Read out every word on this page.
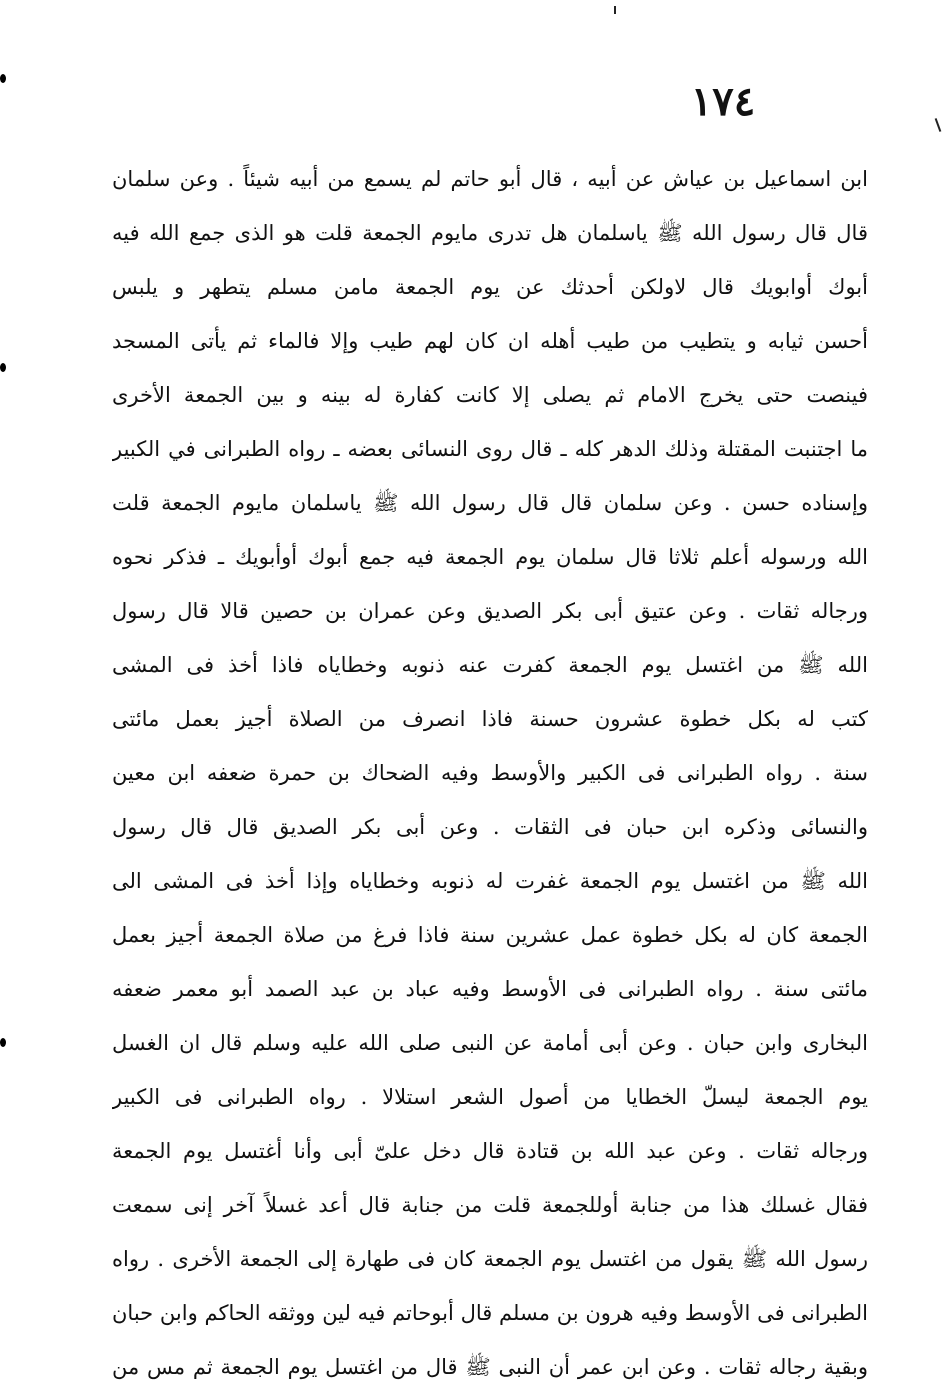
١٧٤
ابن اسماعيل بن عياش عن أبيه ، قال أبو حاتم لم يسمع من أبيه شيئاً . وعن سلمان
قال قال رسول الله ﷺ ياسلمان هل تدرى مايوم الجمعة قلت هو الذى جمع الله فيه
أبوك أوابويك قال لاولكن أحدثك عن يوم الجمعة مامن مسلم يتطهر و يلبس
أحسن ثيابه و يتطيب من طيب أهله ان كان لهم طيب وإلا فالماء ثم يأتى المسجد
فينصت حتى يخرج الامام ثم يصلى إلا كانت كفارة له بينه و بين الجمعة الأخرى
ما اجتنبت المقتلة وذلك الدهر كله ـ قال روى النسائى بعضه ـ رواه الطبرانى في الكبير
وإسناده حسن . وعن سلمان قال قال رسول الله ﷺ ياسلمان مايوم الجمعة قلت
الله ورسوله أعلم ثلاثا قال سلمان يوم الجمعة فيه جمع أبوك أوأبويك ـ فذكر نحوه
ورجاله ثقات . وعن عتيق أبى بكر الصديق وعن عمران بن حصين قالا قال رسول
الله ﷺ من اغتسل يوم الجمعة كفرت عنه ذنوبه وخطاياه فاذا أخذ فى المشى
كتب له بكل خطوة عشرون حسنة فاذا انصرف من الصلاة أجيز بعمل مائتى
سنة . رواه الطبرانى فى الكبير والأوسط وفيه الضحاك بن حمرة ضعفه ابن معين
والنسائى وذكره ابن حبان فى الثقات . وعن أبى بكر الصديق قال قال رسول
الله ﷺ من اغتسل يوم الجمعة غفرت له ذنوبه وخطاياه وإذا أخذ فى المشى الى
الجمعة كان له بكل خطوة عمل عشرين سنة فاذا فرغ من صلاة الجمعة أجيز بعمل
مائتى سنة . رواه الطبرانى فى الأوسط وفيه عباد بن عبد الصمد أبو معمر ضعفه
البخارى وابن حبان . وعن أبى أمامة عن النبى صلى الله عليه وسلم قال ان الغسل
يوم الجمعة ليسلّ الخطايا من أصول الشعر استلالا . رواه الطبرانى فى الكبير
ورجاله ثقات . وعن عبد الله بن قتادة قال دخل علىّ أبى وأنا أغتسل يوم الجمعة
فقال غسلك هذا من جنابة أوللجمعة قلت من جنابة قال أعد غسلاً آخر إنى سمعت
رسول الله ﷺ يقول من اغتسل يوم الجمعة كان فى طهارة إلى الجمعة الأخرى . رواه
الطبرانى فى الأوسط وفيه هرون بن مسلم قال أبوحاتم فيه لين ووثقه الحاكم وابن حبان
وبقية رجاله ثقات . وعن ابن عمر أن النبى ﷺ قال من اغتسل يوم الجمعة ثم مس من
